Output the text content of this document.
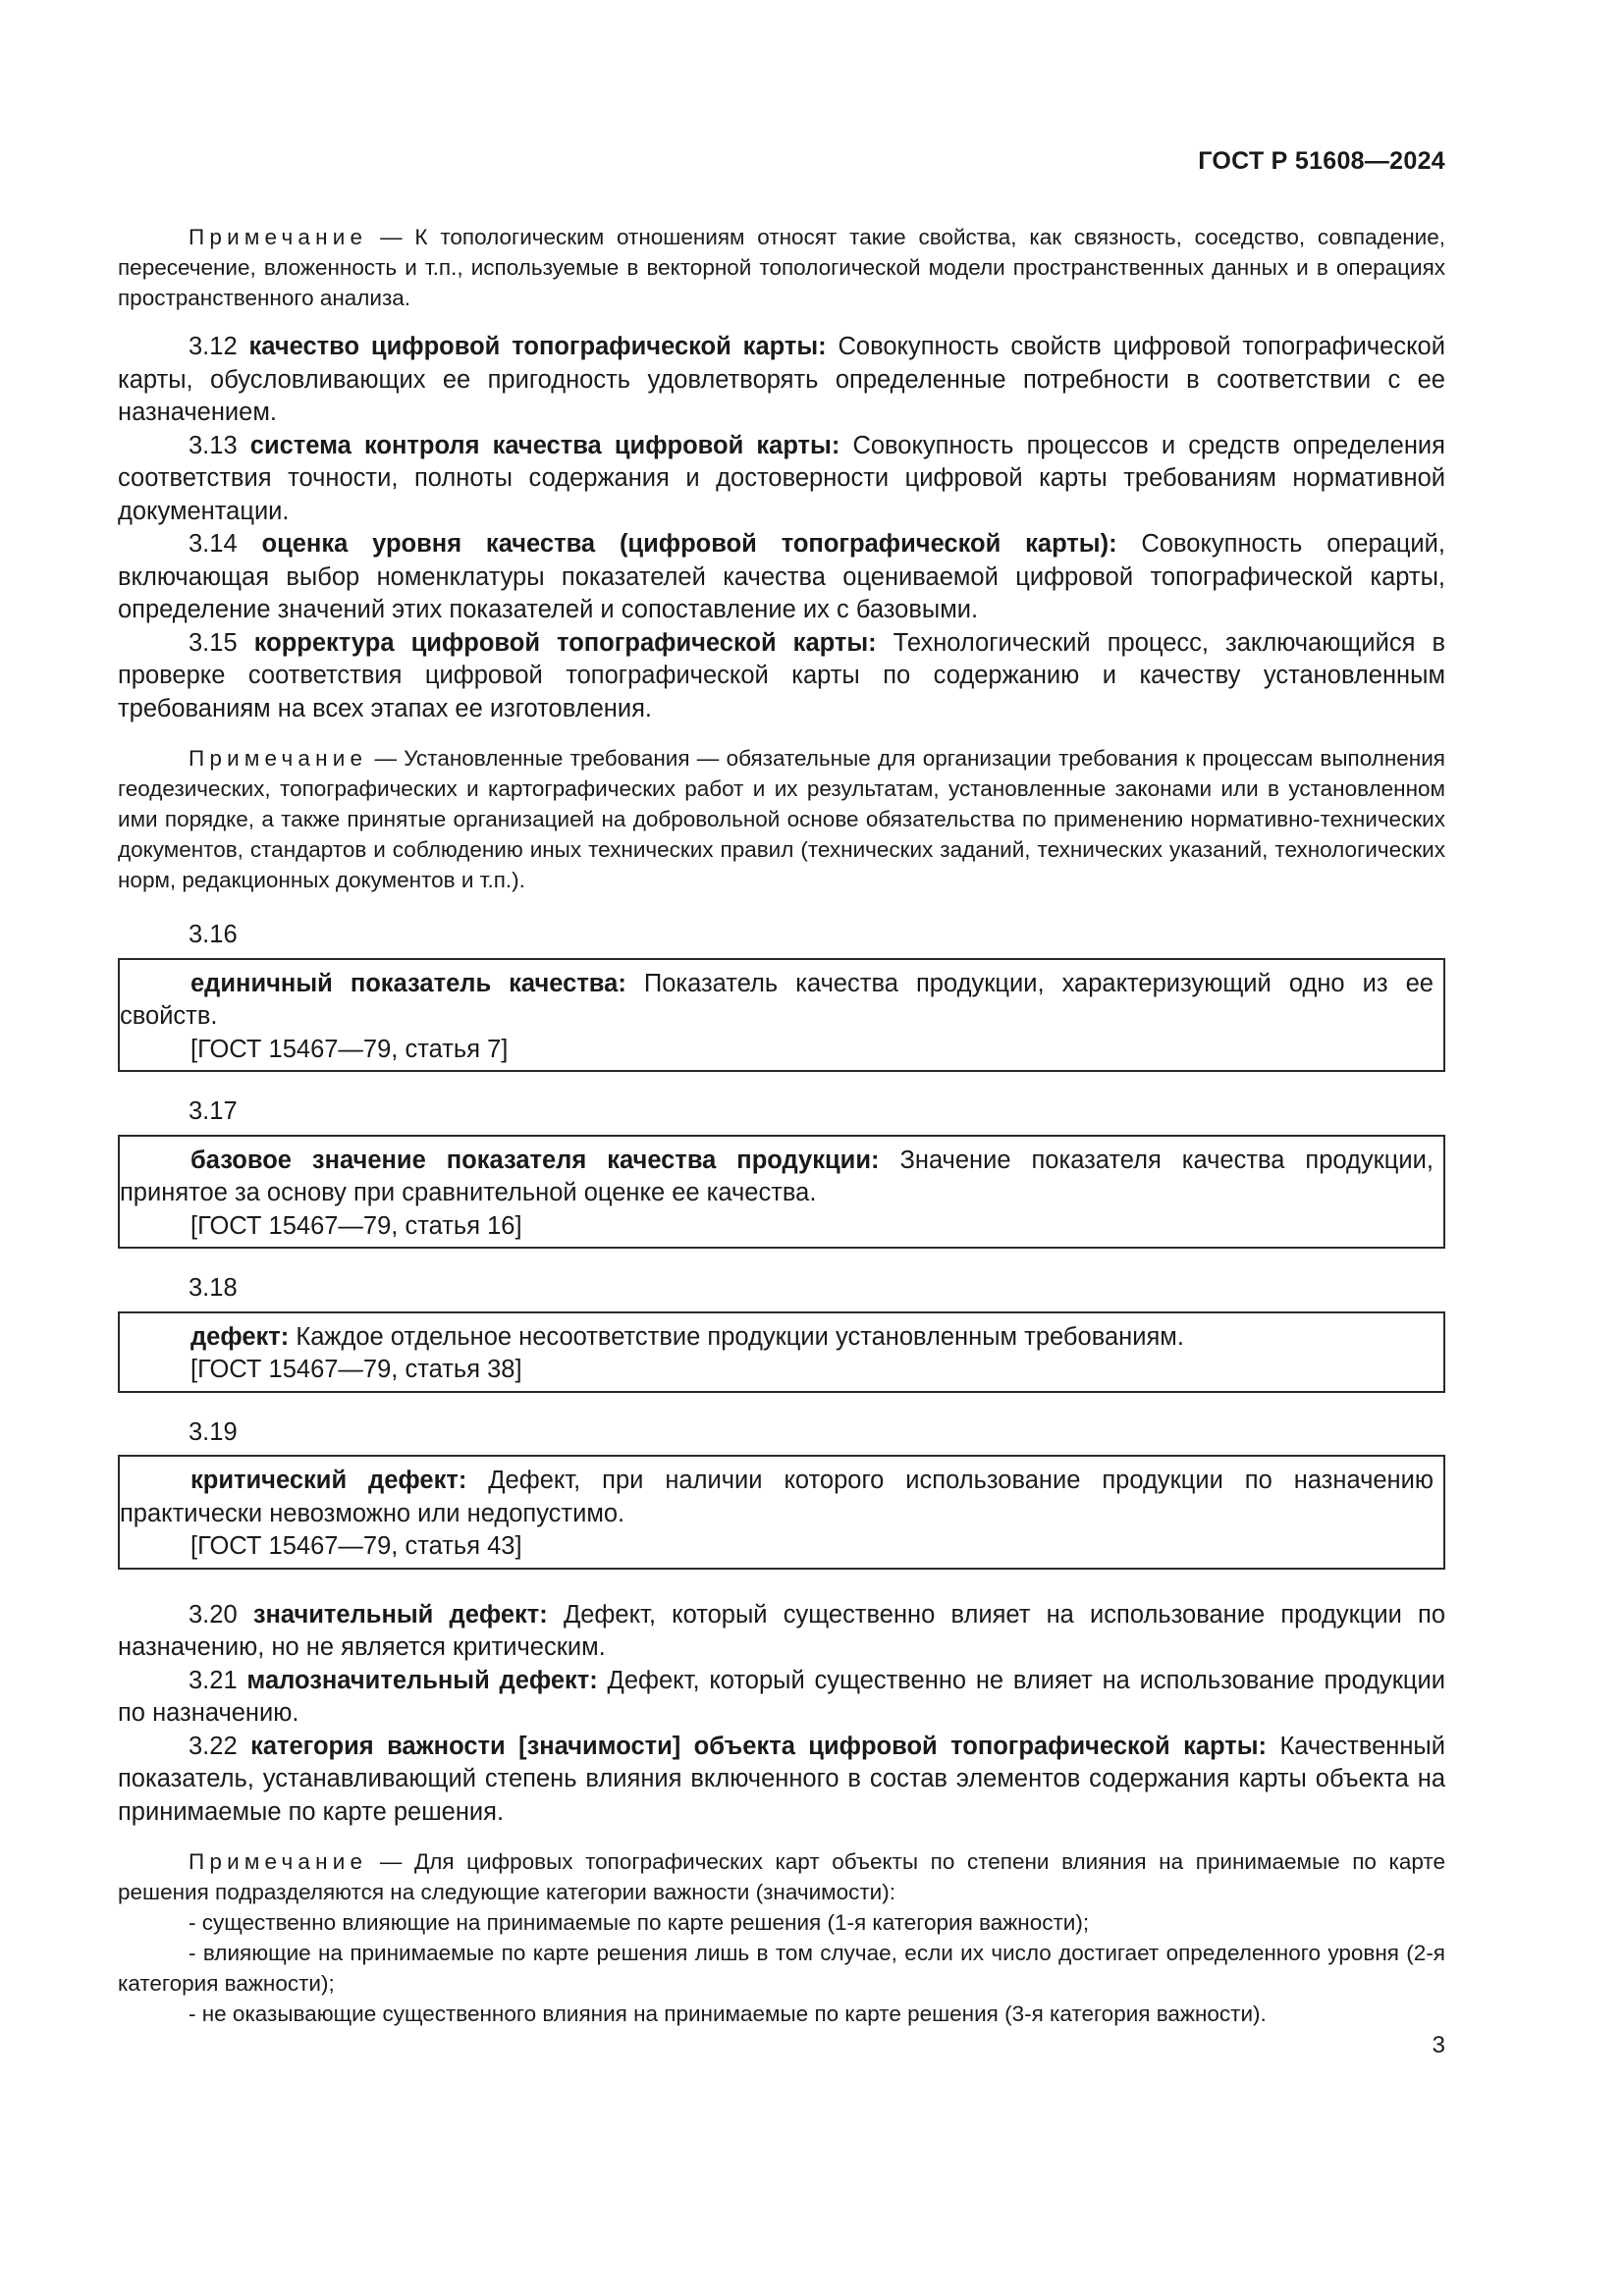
ГОСТ Р 51608—2024
Примечание — К топологическим отношениям относят такие свойства, как связность, соседство, совпадение, пересечение, вложенность и т.п., используемые в векторной топологической модели пространственных данных и в операциях пространственного анализа.

3.12 качество цифровой топографической карты: Совокупность свойств цифровой топографической карты, обусловливающих ее пригодность удовлетворять определенные потребности в соответствии с ее назначением.

3.13 система контроля качества цифровой карты: Совокупность процессов и средств определения соответствия точности, полноты содержания и достоверности цифровой карты требованиям нормативной документации.

3.14 оценка уровня качества (цифровой топографической карты): Совокупность операций, включающая выбор номенклатуры показателей качества оцениваемой цифровой топографической карты, определение значений этих показателей и сопоставление их с базовыми.

3.15 корректура цифровой топографической карты: Технологический процесс, заключающийся в проверке соответствия цифровой топографической карты по содержанию и качеству установленным требованиям на всех этапах ее изготовления.

Примечание — Установленные требования — обязательные для организации требования к процессам выполнения геодезических, топографических и картографических работ и их результатам, установленные законами или в установленном ими порядке, а также принятые организацией на добровольной основе обязательства по применению нормативно-технических документов, стандартов и соблюдению иных технических правил (технических заданий, технических указаний, технологических норм, редакционных документов и т.п.).
3.16

единичный показатель качества: Показатель качества продукции, характеризующий одно из ее свойств.

[ГОСТ 15467—79, статья 7]

3.17

базовое значение показателя качества продукции: Значение показателя качества продукции, принятое за основу при сравнительной оценке ее качества.

[ГОСТ 15467—79, статья 16]

3.18

дефект: Каждое отдельное несоответствие продукции установленным требованиям.

[ГОСТ 15467—79, статья 38]

3.19

критический дефект: Дефект, при наличии которого использование продукции по назначению практически невозможно или недопустимо.

[ГОСТ 15467—79, статья 43]

3.20 значительный дефект: Дефект, который существенно влияет на использование продукции по назначению, но не является критическим.

3.21 малозначительный дефект: Дефект, который существенно не влияет на использование продукции по назначению.

3.22 категория важности [значимости] объекта цифровой топографической карты: Качественный показатель, устанавливающий степень влияния включенного в состав элементов содержания карты объекта на принимаемые по карте решения.

Примечание — Для цифровых топографических карт объекты по степени влияния на принимаемые по карте решения подразделяются на следующие категории важности (значимости):

- существенно влияющие на принимаемые по карте решения (1-я категория важности);

- влияющие на принимаемые по карте решения лишь в том случае, если их число достигает определенного уровня (2-я категория важности);

- не оказывающие существенного влияния на принимаемые по карте решения (3-я категория важности).

3
